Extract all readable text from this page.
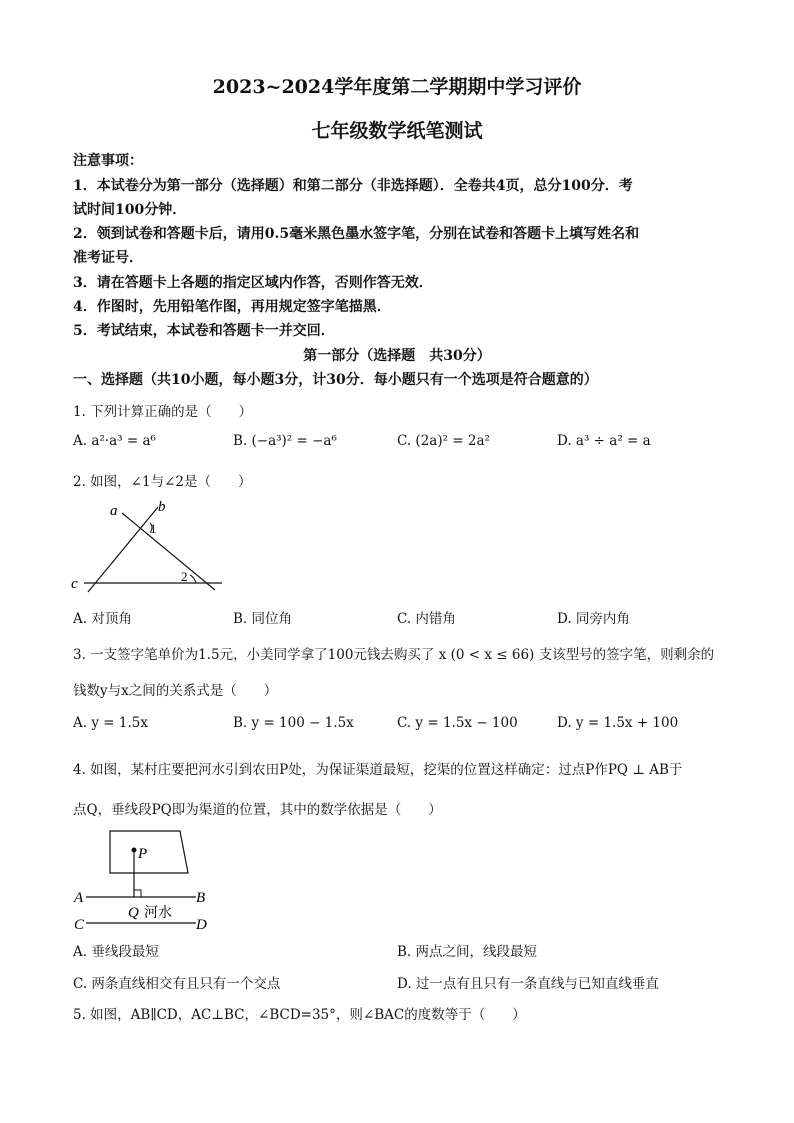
2023~2024学年度第二学期期中学习评价
七年级数学纸笔测试
注意事项：
1．本试卷分为第一部分（选择题）和第二部分（非选择题）．全卷共4页，总分100分．考
试时间100分钟．
2．领到试卷和答题卡后，请用0.5毫米黑色墨水签字笔，分别在试卷和答题卡上填写姓名和
准考证号．
3．请在答题卡上各题的指定区域内作答，否则作答无效．
4．作图时，先用铅笔作图，再用规定签字笔描黑．
5．考试结束，本试卷和答题卡一并交回．
第一部分（选择题　共30分）
一、选择题（共10小题，每小题3分，计30分．每小题只有一个选项是符合题意的）
1. 下列计算正确的是（　　）
A. a²·a³ = a⁶	B. (−a³)² = −a⁶	C. (2a)² = 2a²	D. a³ ÷ a² = a
2. 如图，∠1与∠2是（　　）
a	b
1
2
c
A. 对顶角	B. 同位角	C. 内错角	D. 同旁内角
3. 一支签字笔单价为1.5元，小美同学拿了100元钱去购买了 x (0 < x ≤ 66) 支该型号的签字笔，则剩余的
钱数y与x之间的关系式是（　　）
A. y = 1.5x	B. y = 100 − 1.5x	C. y = 1.5x − 100	D. y = 1.5x + 100
4. 如图，某村庄要把河水引到农田P处，为保证渠道最短，挖渠的位置这样确定：过点P作PQ ⊥ AB于
点Q，垂线段PQ即为渠道的位置，其中的数学依据是（　　）
P
A	B
Q 河水
C	D
A. 垂线段最短	B. 两点之间，线段最短
C. 两条直线相交有且只有一个交点	D. 过一点有且只有一条直线与已知直线垂直
5. 如图，AB∥CD，AC⊥BC，∠BCD=35°，则∠BAC的度数等于（　　）
